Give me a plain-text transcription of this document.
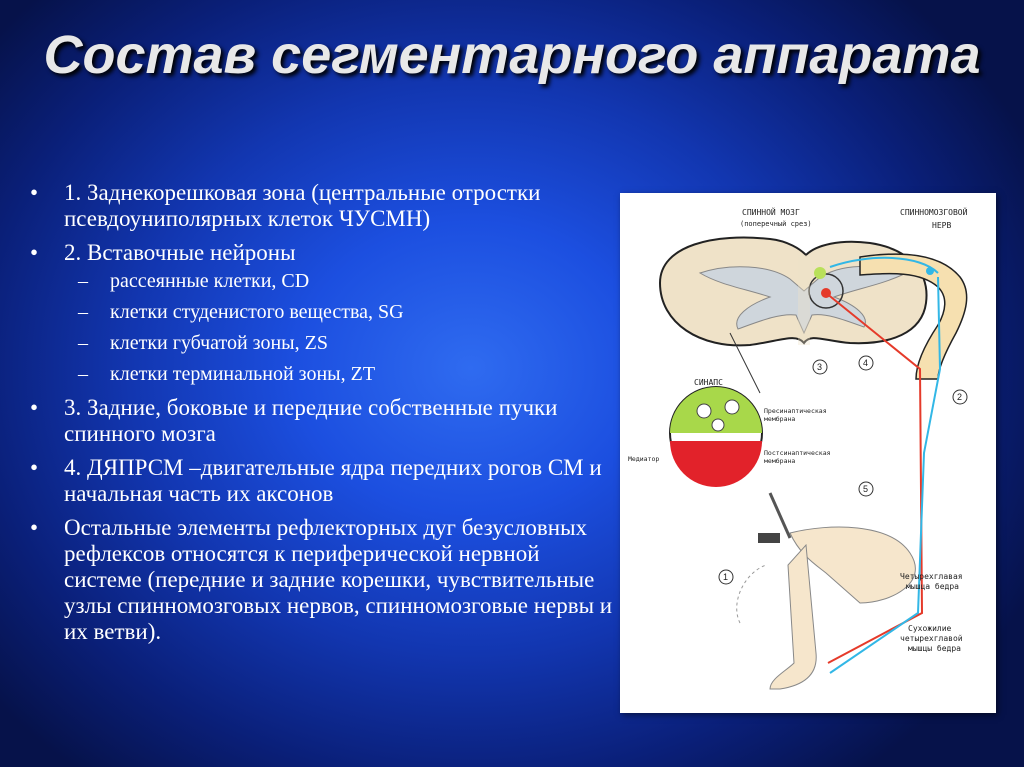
Состав сегментарного аппарата
• 1. Заднекорешковая зона (центральные отростки псевдоуниполярных клеток ЧУСМН)
• 2. Вставочные нейроны
– рассеянные клетки, CD
– клетки студенистого вещества, SG
– клетки губчатой зоны, ZS
– клетки терминальной зоны, ZT
• 3. Задние, боковые и передние собственные пучки спинного мозга
• 4. ДЯПРСМ –двигательные ядра передних рогов СМ и начальная часть их аксонов
• Остальные элементы рефлекторных дуг безусловных рефлексов относятся к периферической нервной системе (передние и задние корешки, чувствительные узлы спинномозговых нервов, спинномозговые нервы и их ветви).
СПИННОЙ МОЗГ
(поперечный срез)
СПИННОМОЗГОВОЙ
НЕРВ
СИНАПС
Пресинаптическая
мембрана
Постсинаптическая
мембрана
Медиатор
3	4
2
5
1	Четырехглавая
мышца бедра
Сухожилие
четырехглавой
мышцы бедра
